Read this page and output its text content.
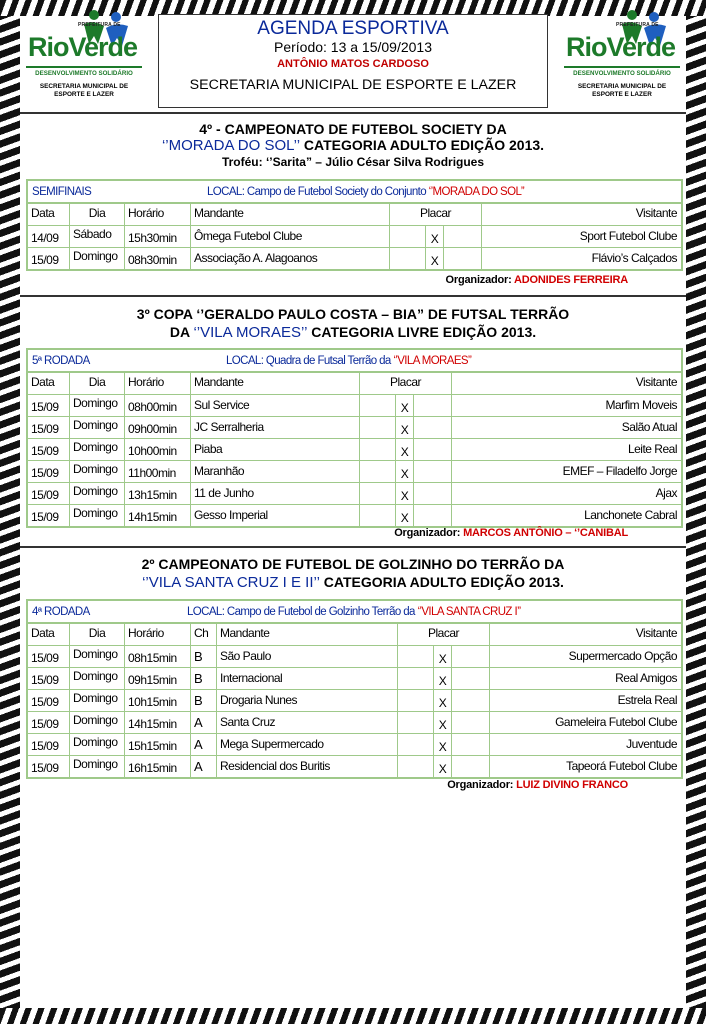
PREFEITURA DE
RioVerde
DESENVOLVIMENTO SOLIDÁRIO
SECRETARIA MUNICIPAL DE
ESPORTE E LAZER
AGENDA ESPORTIVA
Período: 13 a 15/09/2013
ANTÔNIO MATOS CARDOSO
SECRETARIA MUNICIPAL DE ESPORTE E LAZER
PREFEITURA DE
RioVerde
DESENVOLVIMENTO SOLIDÁRIO
SECRETARIA MUNICIPAL DE
ESPORTE E LAZER
4º - CAMPEONATO DE FUTEBOL SOCIETY DA
‘’MORADA DO SOL’’ CATEGORIA ADULTO EDIÇÃO 2013.
Troféu: ‘’Sarita” – Júlio César Silva Rodrigues
SEMIFINAIS	LOCAL: Campo de Futebol Society do Conjunto ‘’MORADA DO SOL’’
Data	Dia	Horário	Mandante	Placar	Visitante
14/09	Sábado	15h30min	Ômega Futebol Clube	X	Sport Futebol Clube
15/09	Domingo 08h30min	Associação A. Alagoanos	X	Flávio’s Calçados
Organizador: ADONIDES FERREIRA
3º COPA ‘’GERALDO PAULO COSTA – BIA” DE FUTSAL TERRÃO
DA ‘’VILA MORAES’’ CATEGORIA LIVRE EDIÇÃO 2013.
5ª RODADA	LOCAL: Quadra de Futsal Terrão da ‘’VILA MORAES”
Data	Dia	Horário	Mandante	Placar	Visitante
15/09	Domingo 08h00min	Sul Service	X	Marfim Moveis
15/09	Domingo 09h00min	JC Serralheria	X	Salão Atual
15/09	Domingo 10h00min	Piaba	X	Leite Real
15/09	Domingo 11h00min	Maranhão	X	EMEF – Filadelfo Jorge
15/09	Domingo 13h15min	11 de Junho	X	Ajax
15/09	Domingo 14h15min	Gesso Imperial	X	Lanchonete Cabral
Organizador: MARCOS ANTÔNIO – ‘’CANIBAL
2º CAMPEONATO DE FUTEBOL DE GOLZINHO DO TERRÃO DA
‘’VILA SANTA CRUZ I E II’’ CATEGORIA ADULTO EDIÇÃO 2013.
4ª RODADA	LOCAL: Campo de Futebol de Golzinho Terrão da ‘’VILA SANTA CRUZ I’’
Data	Dia	Horário	Ch Mandante	Placar	Visitante
15/09	Domingo 08h15min	B	São Paulo	X	Supermercado Opção
15/09	Domingo 09h15min	B	Internacional	X	Real Amigos
15/09	Domingo 10h15min	B	Drogaria Nunes	X	Estrela Real
15/09	Domingo 14h15min	A	Santa Cruz	X	Gameleira Futebol Clube
15/09	Domingo 15h15min	A	Mega Supermercado	X	Juventude
15/09	Domingo 16h15min	A	Residencial dos Buritis	X	Tapeorá Futebol Clube
Organizador: LUIZ DIVINO FRANCO
